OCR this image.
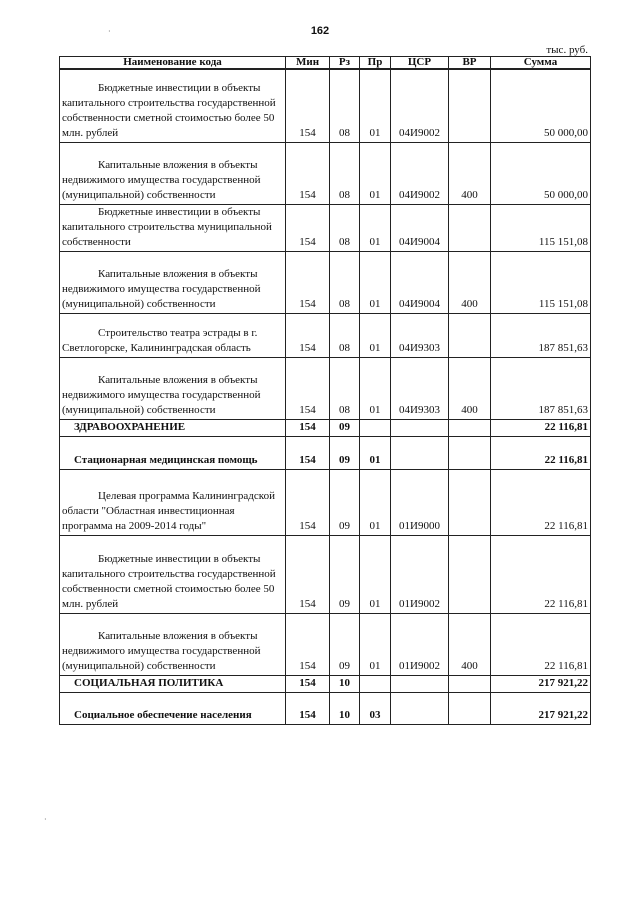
162
тыс. руб.
Наименование кода	Мин	Рз	Пр	ЦСР	ВР	Сумма
Бюджетные инвестиции в объекты капитального строительства государственной собственности сметной стоимостью более 50 млн. рублей	154	08	01	04И9002		50 000,00
Капитальные вложения в объекты недвижимого имущества государственной (муниципальной) собственности	154	08	01	04И9002	400	50 000,00
Бюджетные инвестиции в объекты капитального строительства муниципальной собственности	154	08	01	04И9004		115 151,08
Капитальные вложения в объекты недвижимого имущества государственной (муниципальной) собственности	154	08	01	04И9004	400	115 151,08
Строительство театра эстрады в г. Светлогорске, Калининградская область	154	08	01	04И9303		187 851,63
Капитальные вложения в объекты недвижимого имущества государственной (муниципальной) собственности	154	08	01	04И9303	400	187 851,63
ЗДРАВООХРАНЕНИЕ	154	09				22 116,81
Стационарная медицинская помощь	154	09	01			22 116,81
Целевая программа Калининградской области "Областная инвестиционная программа на 2009-2014 годы"	154	09	01	01И9000		22 116,81
Бюджетные инвестиции в объекты капитального строительства государственной собственности сметной стоимостью более 50 млн. рублей	154	09	01	01И9002		22 116,81
Капитальные вложения в объекты недвижимого имущества государственной (муниципальной) собственности	154	09	01	01И9002	400	22 116,81
СОЦИАЛЬНАЯ ПОЛИТИКА	154	10				217 921,22
Социальное обеспечение населения	154	10	03			217 921,22
·
·
